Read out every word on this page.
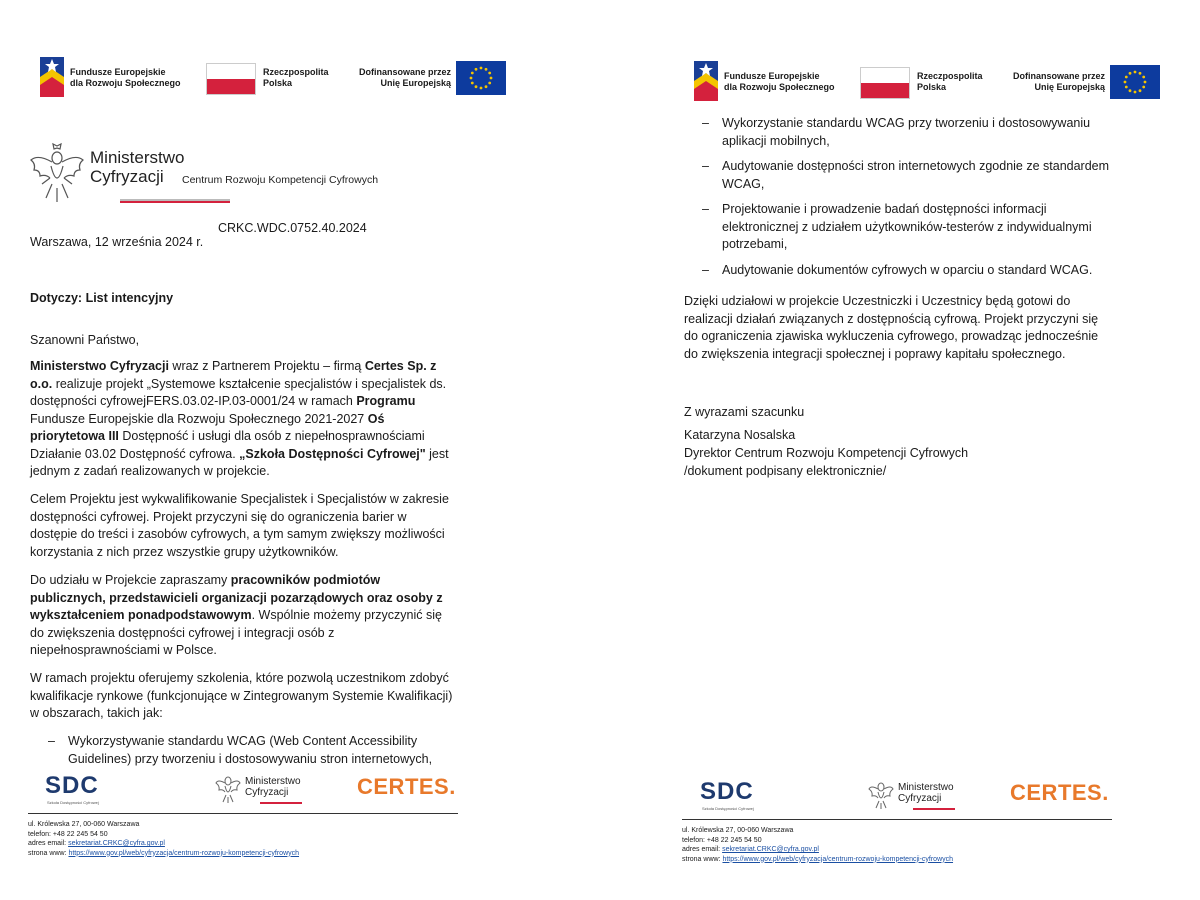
Fundusze Europejskie
dla Rozwoju Społecznego
Rzeczpospolita
Polska
Dofinansowane przez
Unię Europejską
Ministerstwo
Cyfryzacji	Centrum Rozwoju Kompetencji Cyfrowych
CRKC.WDC.0752.40.2024
Warszawa, 12 września 2024 r.
Dotyczy: List intencyjny
Szanowni Państwo,
Ministerstwo Cyfryzacji wraz z Partnerem Projektu – firmą Certes Sp. z o.o. realizuje projekt „Systemowe kształcenie specjalistów i specjalistek ds. dostępności cyfrowejFERS.03.02-IP.03-0001/24 w ramach Programu Fundusze Europejskie dla Rozwoju Społecznego 2021-2027 Oś priorytetowa III Dostępność i usługi dla osób z niepełnosprawnościami Działanie 03.02 Dostępność cyfrowa. „Szkoła Dostępności Cyfrowej" jest jednym z zadań realizowanych w projekcie.
Celem Projektu jest wykwalifikowanie Specjalistek i Specjalistów w zakresie dostępności cyfrowej. Projekt przyczyni się do ograniczenia barier w dostępie do treści i zasobów cyfrowych, a tym samym zwiększy możliwości korzystania z nich przez wszystkie grupy użytkowników.
Do udziału w Projekcie zapraszamy pracowników podmiotów publicznych, przedstawicieli organizacji pozarządowych oraz osoby z wykształceniem ponadpodstawowym. Wspólnie możemy przyczynić się do zwiększenia dostępności cyfrowej i integracji osób z niepełnosprawnościami w Polsce.
W ramach projektu oferujemy szkolenia, które pozwolą uczestnikom zdobyć kwalifikacje rynkowe (funkcjonujące w Zintegrowanym Systemie Kwalifikacji) w obszarach, takich jak:
– Wykorzystywanie standardu WCAG (Web Content Accessibility Guidelines) przy tworzeniu i dostosowywaniu stron internetowych,
SDC
Szkoła Dostępności Cyfrowej
Ministerstwo
Cyfryzacji	CERTES.
ul. Królewska 27, 00-060 Warszawa
telefon: +48 22 245 54 50
adres email: sekretariat.CRKC@cyfra.gov.pl
strona www: https://www.gov.pl/web/cyfryzacja/centrum-rozwoju-kompetencji-cyfrowych
Fundusze Europejskie
dla Rozwoju Społecznego
Rzeczpospolita
Polska
Dofinansowane przez
Unię Europejską
– Wykorzystanie standardu WCAG przy tworzeniu i dostosowywaniu aplikacji mobilnych,
– Audytowanie dostępności stron internetowych zgodnie ze standardem WCAG,
– Projektowanie i prowadzenie badań dostępności informacji elektronicznej z udziałem użytkowników-testerów z indywidualnymi potrzebami,
– Audytowanie dokumentów cyfrowych w oparciu o standard WCAG.
Dzięki udziałowi w projekcie Uczestniczki i Uczestnicy będą gotowi do realizacji działań związanych z dostępnością cyfrową. Projekt przyczyni się do ograniczenia zjawiska wykluczenia cyfrowego, prowadząc jednocześnie do zwiększenia integracji społecznej i poprawy kapitału społecznego.
Z wyrazami szacunku
Katarzyna Nosalska
Dyrektor Centrum Rozwoju Kompetencji Cyfrowych
/dokument podpisany elektronicznie/
SDC
Szkoła Dostępności Cyfrowej
Ministerstwo
Cyfryzacji	CERTES.
ul. Królewska 27, 00-060 Warszawa
telefon: +48 22 245 54 50
adres email: sekretariat.CRKC@cyfra.gov.pl
strona www: https://www.gov.pl/web/cyfryzacja/centrum-rozwoju-kompetencji-cyfrowych
